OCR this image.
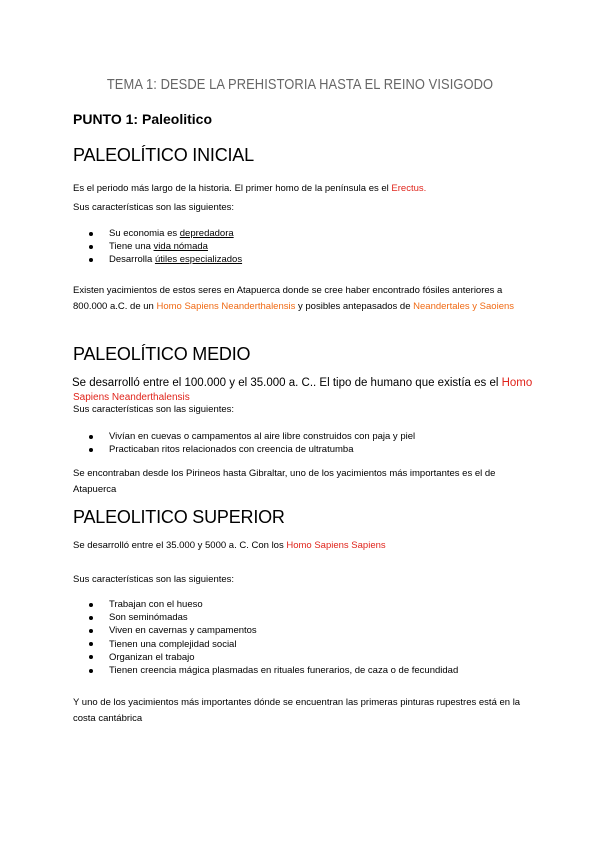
TEMA 1: DESDE LA PREHISTORIA HASTA EL REINO VISIGODO
PUNTO 1: Paleolitico
PALEOLÍTICO INICIAL
Es el periodo más largo de la historia. El primer homo de la península es el Erectus.
Sus características son las siguientes:
Su economia es depredadora
Tiene una vida nómada
Desarrolla útiles especializados
Existen yacimientos de estos seres en Atapuerca donde se cree haber encontrado fósiles anteriores a 800.000 a.C. de un Homo Sapiens Neanderthalensis y posibles antepasados de Neandertales y Saoiens
PALEOLÍTICO MEDIO
Se desarrolló entre el 100.000 y el 35.000 a. C.. El tipo de humano que existía es el Homo
Sapiens Neanderthalensis
Sus características son las siguientes:
Vivían en cuevas o campamentos al aire libre construidos con paja y piel
Practicaban ritos relacionados con creencia de ultratumba
Se encontraban desde los Pirineos hasta Gibraltar, uno de los yacimientos más importantes es el de Atapuerca
PALEOLITICO SUPERIOR
Se desarrolló entre el 35.000 y 5000 a. C. Con los Homo Sapiens Sapiens
Sus características son las siguientes:
Trabajan con el hueso
Son seminómadas
Viven en cavernas y campamentos
Tienen una complejidad social
Organizan el trabajo
Tienen creencia mágica plasmadas en rituales funerarios, de caza o de fecundidad
Y uno de los yacimientos más importantes dónde se encuentran las primeras pinturas rupestres está en la costa cantábrica
